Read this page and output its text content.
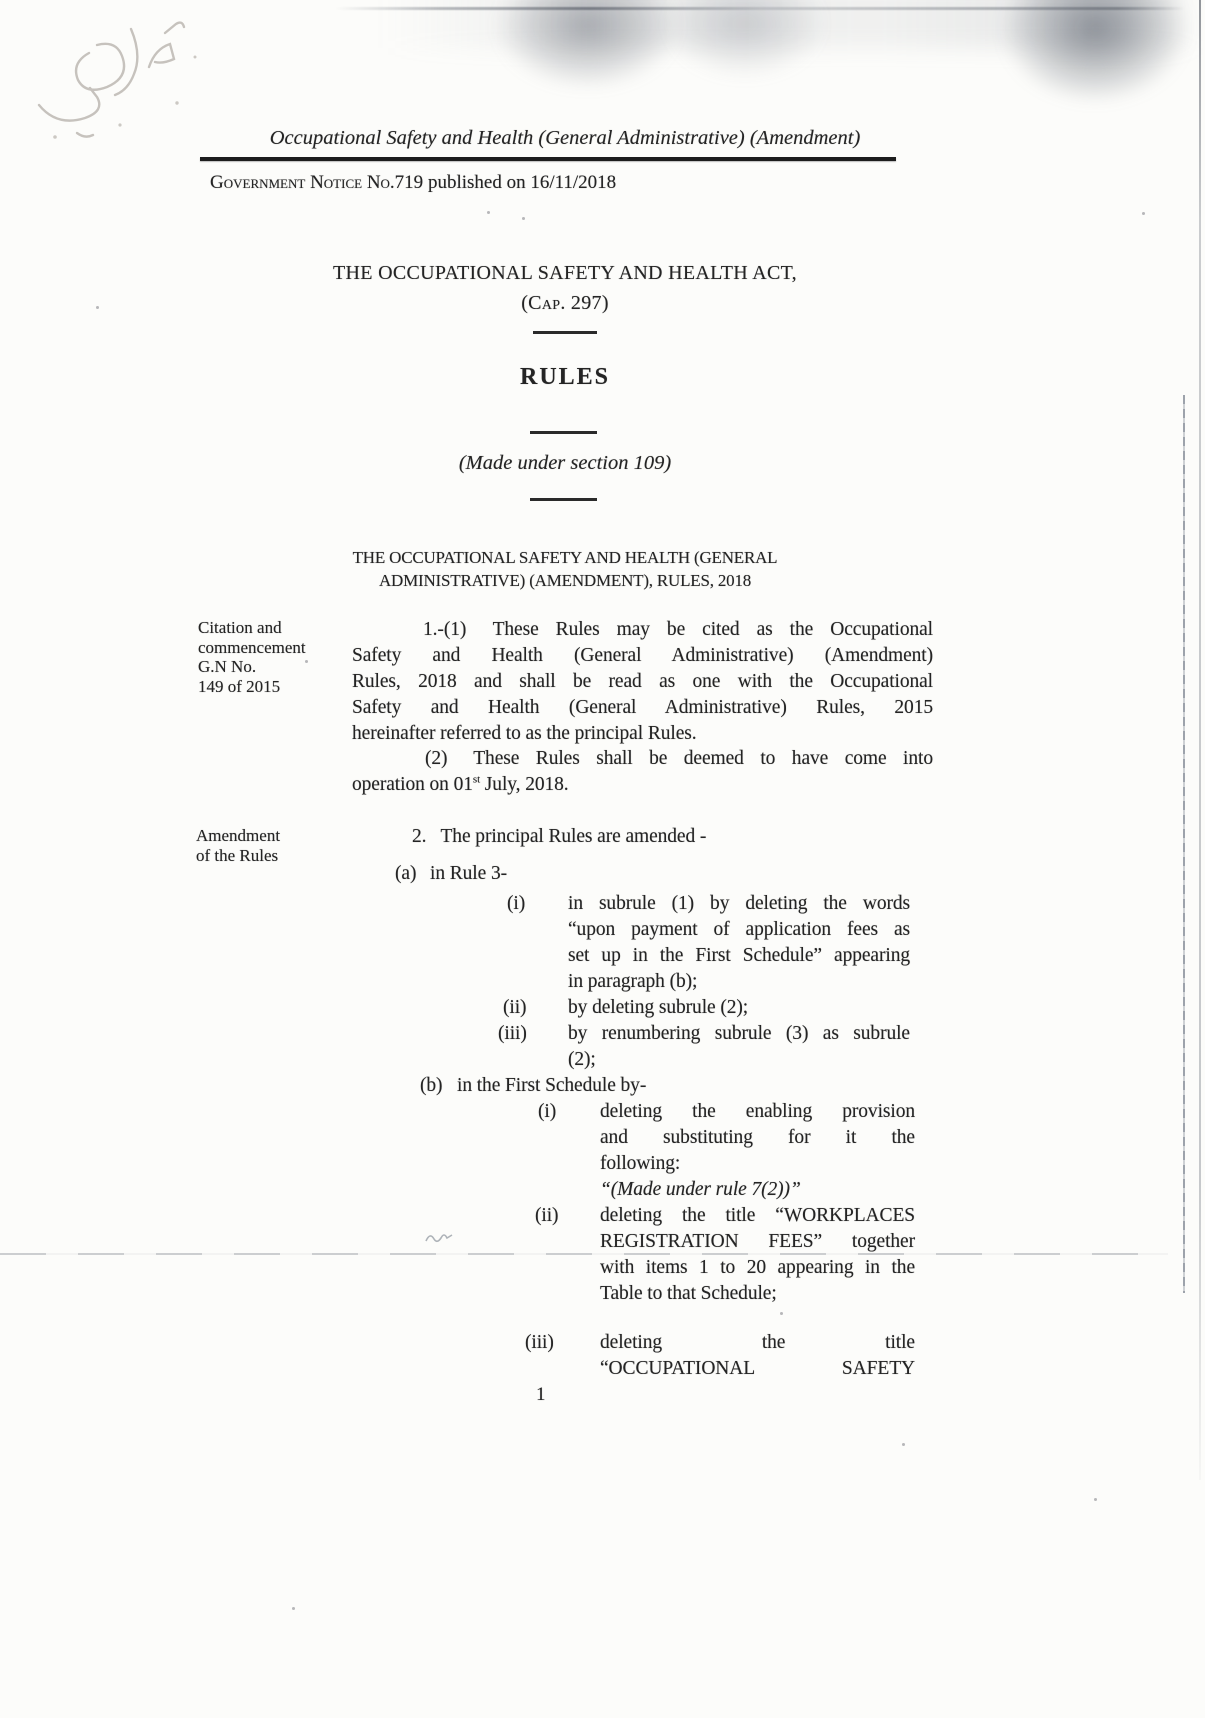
Occupational Safety and Health (General Administrative) (Amendment)
Government Notice No.719 published on 16/11/2018
THE OCCUPATIONAL SAFETY AND HEALTH ACT,
(Cap. 297)
RULES
(Made under section 109)
THE OCCUPATIONAL SAFETY AND HEALTH (GENERAL
ADMINISTRATIVE) (AMENDMENT), RULES, 2018
Citation and
commencement
G.N No.
149 of 2015
Amendment
of the Rules
1.-(1)  These Rules may be cited as the Occupational
Safety and Health (General Administrative) (Amendment)
Rules, 2018 and shall be read as one with the Occupational
Safety and Health (General Administrative) Rules, 2015
hereinafter referred to as the principal Rules.
(2)  These Rules shall be deemed to have come into
operation on 01st July, 2018.
2.  The principal Rules are amended -
(a) in Rule 3-
(i) in subrule (1) by deleting the words
“upon payment of application fees as
set up in the First Schedule” appearing
in paragraph (b);
(ii) by deleting subrule (2);
(iii) by renumbering subrule (3) as subrule
(2);
(b) in the First Schedule by-
(i) deleting the enabling provision
and substituting for it the
following:
“(Made under rule 7(2))”
(ii) deleting the title “WORKPLACES
REGISTRATION FEES” together
with items 1 to 20 appearing in the
Table to that Schedule;
(iii) deleting the title
“OCCUPATIONAL SAFETY
1
